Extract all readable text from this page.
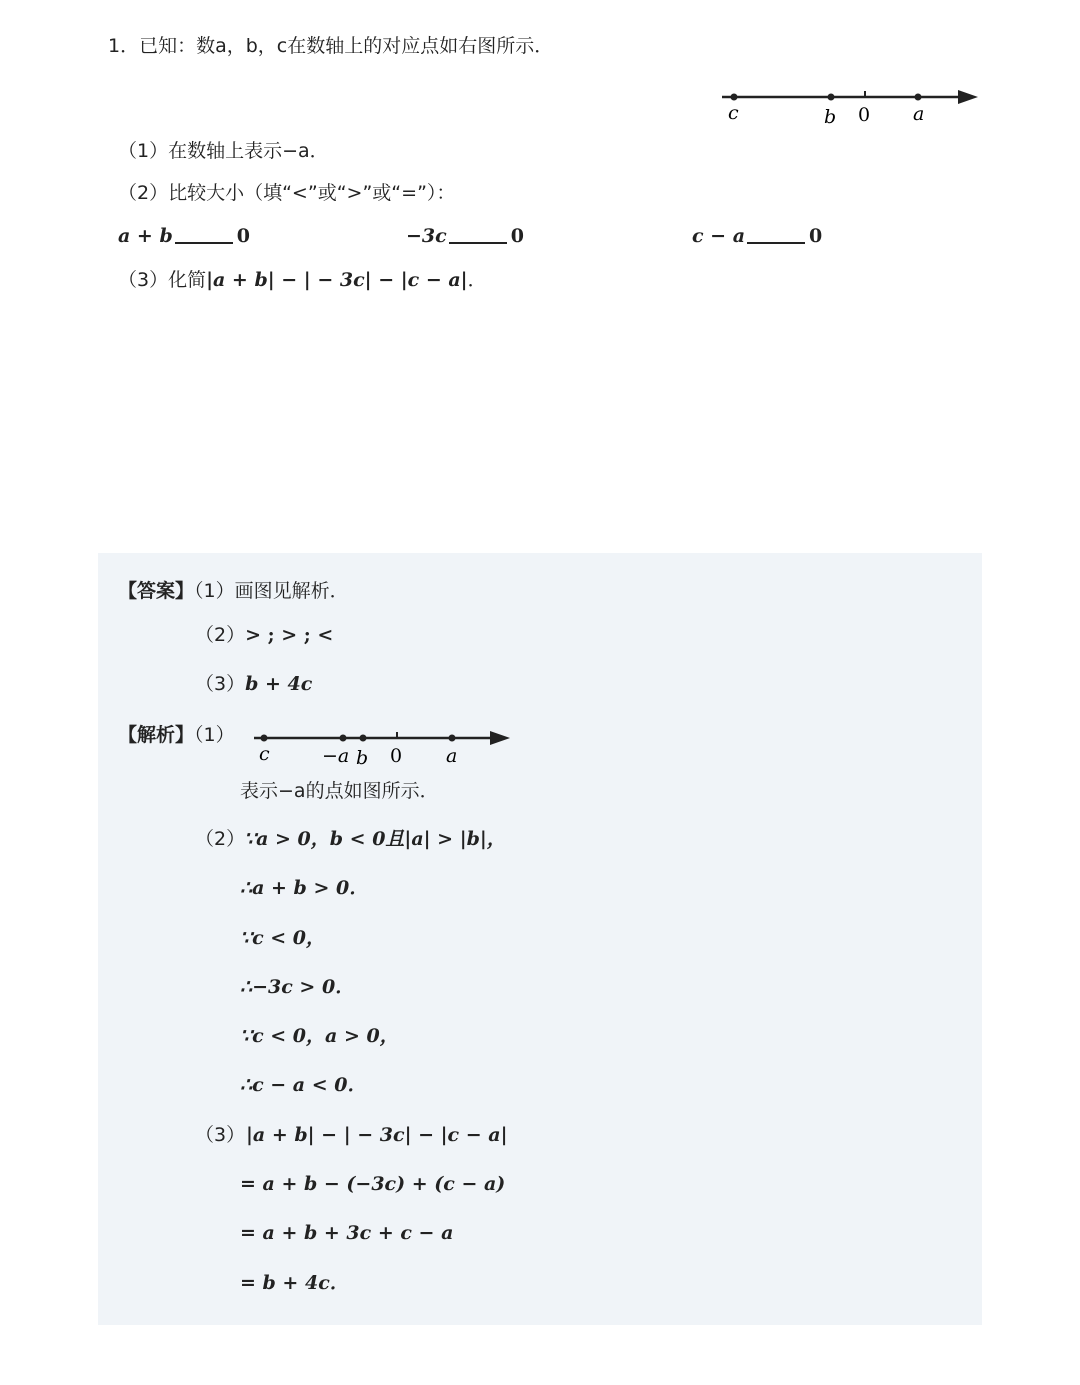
1．已知：数a，b，c在数轴上的对应点如右图所示．
c	b 0 a
（1）在数轴上表示−a．
（2）比较大小（填“<”或“>”或“=”）：
a + b	0	−3c	0	c − a	0
（3）化简|a + b| − | − 3c| − |c − a|．
【答案】（1）画图见解析．
（2）> ; > ; <
（3）b + 4c
【解析】（1）
c	−a b 0 a
表示−a的点如图所示．
（2）
∵a > 0，b < 0且|a| > |b|，
∴a + b > 0．
∵c < 0，
∴−3c > 0．
∵c < 0，a > 0，
∴c − a < 0．
（3） |a + b| − | − 3c| − |c − a|
= a + b − (−3c) + (c − a)
= a + b + 3c + c − a
= b + 4c．
